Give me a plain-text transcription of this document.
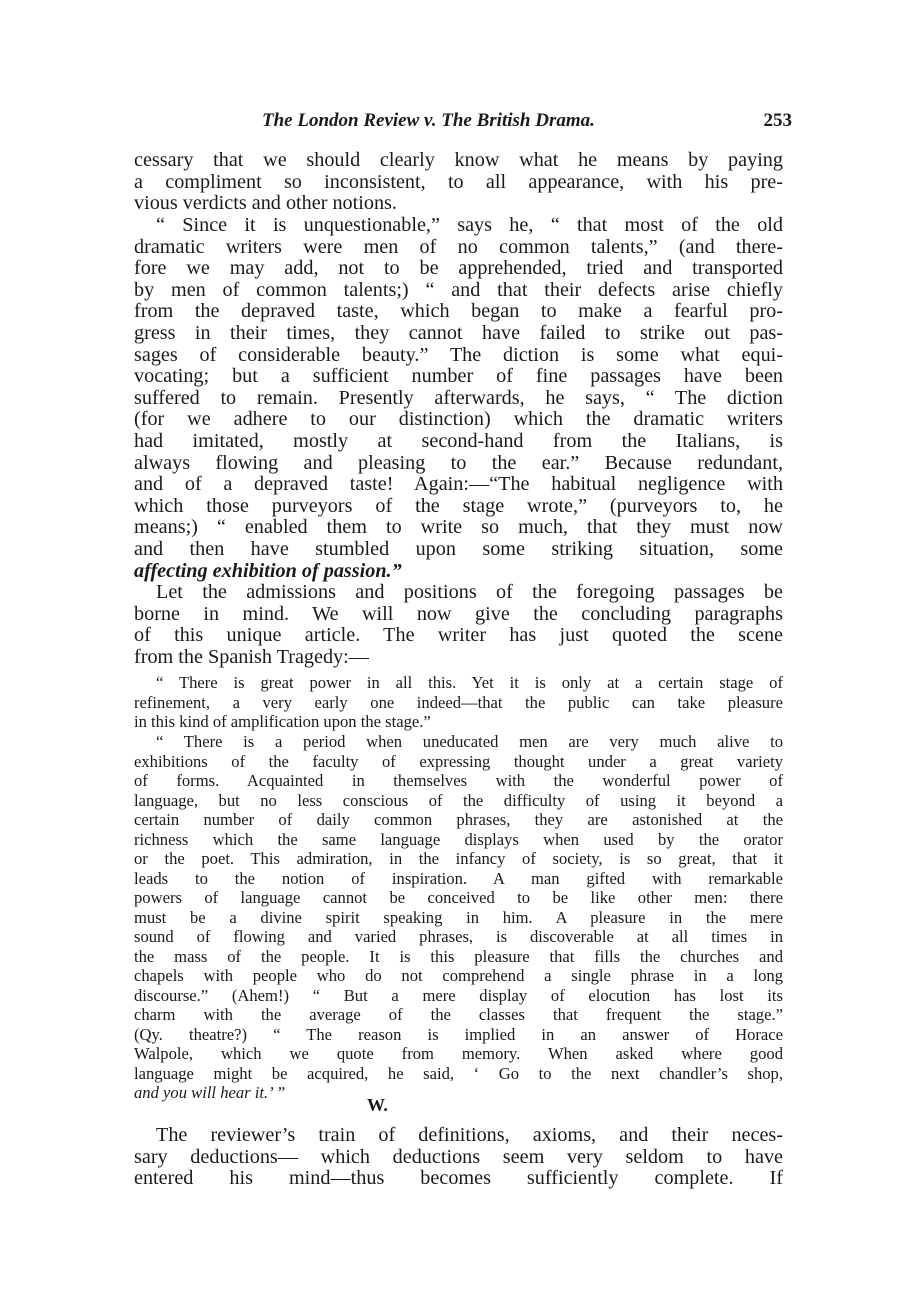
The London Review v. The British Drama.	253
cessary that we should clearly know what he means by paying
a compliment so inconsistent, to all appearance, with his pre-
vious verdicts and other notions.
“ Since it is unquestionable,” says he, “ that most of the old
dramatic writers were men of no common talents,” (and there-
fore we may add, not to be apprehended, tried and transported
by men of common talents;) “ and that their defects arise chiefly
from the depraved taste, which began to make a fearful pro-
gress in their times, they cannot have failed to strike out pas-
sages of considerable beauty.” The diction is some what equi-
vocating; but a sufficient number of fine passages have been
suffered to remain. Presently afterwards, he says, “ The diction
(for we adhere to our distinction) which the dramatic writers
had imitated, mostly at second-hand from the Italians, is
always flowing and pleasing to the ear.” Because redundant,
and of a depraved taste! Again:—“The habitual negligence with
which those purveyors of the stage wrote,” (purveyors to, he
means;) “ enabled them to write so much, that they must now
and then have stumbled upon some striking situation, some
affecting exhibition of passion.”
Let the admissions and positions of the foregoing passages be
borne in mind. We will now give the concluding paragraphs
of this unique article. The writer has just quoted the scene
from the Spanish Tragedy:—
“ There is great power in all this. Yet it is only at a certain stage of
refinement, a very early one indeed—that the public can take pleasure
in this kind of amplification upon the stage.”
“ There is a period when uneducated men are very much alive to
exhibitions of the faculty of expressing thought under a great variety
of forms. Acquainted in themselves with the wonderful power of
language, but no less conscious of the difficulty of using it beyond a
certain number of daily common phrases, they are astonished at the
richness which the same language displays when used by the orator
or the poet. This admiration, in the infancy of society, is so great, that it
leads to the notion of inspiration. A man gifted with remarkable
powers of language cannot be conceived to be like other men: there
must be a divine spirit speaking in him. A pleasure in the mere
sound of flowing and varied phrases, is discoverable at all times in
the mass of the people. It is this pleasure that fills the churches and
chapels with people who do not comprehend a single phrase in a long
discourse.” (Ahem!) “ But a mere display of elocution has lost its
charm with the average of the classes that frequent the stage.”
(Qy. theatre?) “ The reason is implied in an answer of Horace
Walpole, which we quote from memory. When asked where good
language might be acquired, he said, ‘ Go to the next chandler’s shop,
and you will hear it.’ ”
W.
The reviewer’s train of definitions, axioms, and their neces-
sary deductions— which deductions seem very seldom to have
entered his mind—thus becomes sufficiently complete. If
